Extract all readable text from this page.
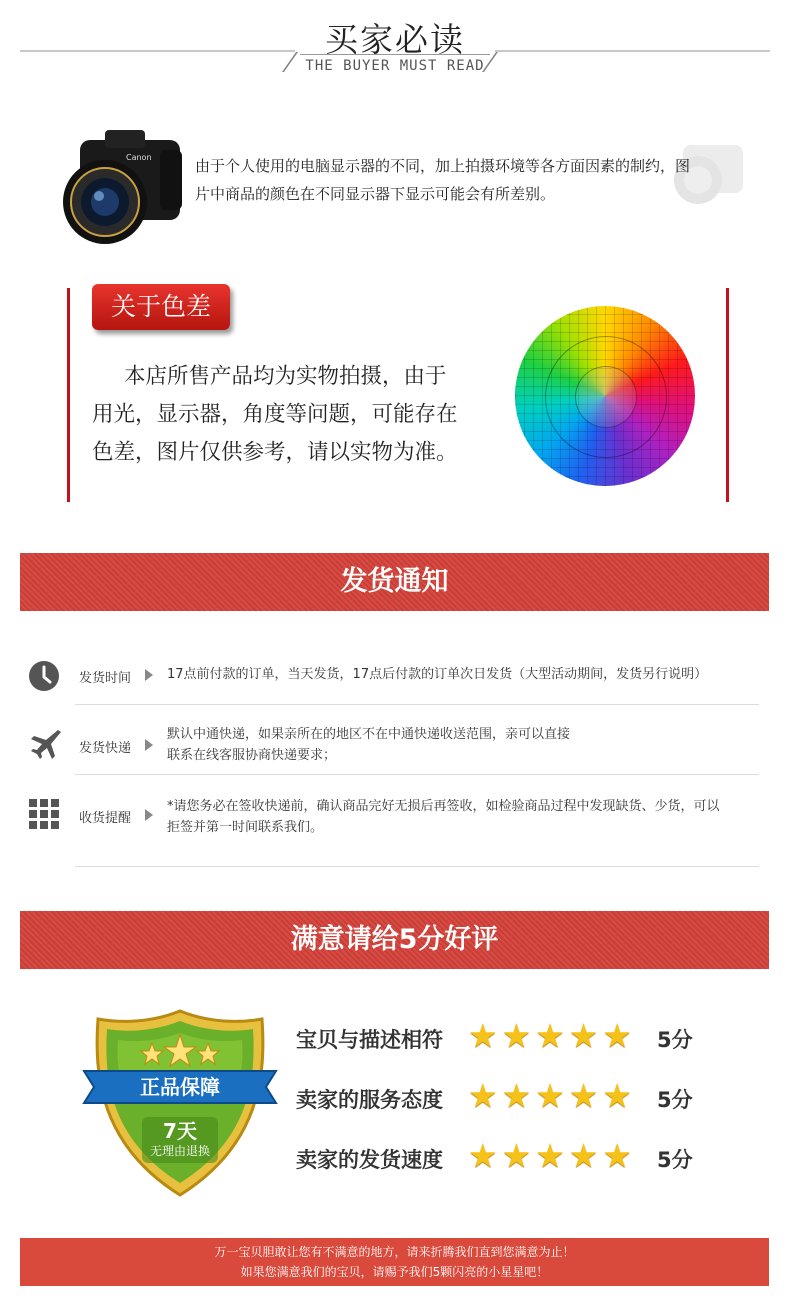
买家必读
THE BUYER MUST READ
Canon	由于个人使用的电脑显示器的不同，加上拍摄环境等各方面因素的制约，图片中商品的颜色在不同显示器下显示可能会有所差别。
关于色差
本店所售产品均为实物拍摄，由于
用光，显示器，角度等问题，可能存在
色差，图片仅供参考，请以实物为准。
发货通知
发货时间	17点前付款的订单，当天发货，17点后付款的订单次日发货（大型活动期间，发货另行说明）
发货快递
默认中通快递，如果亲所在的地区不在中通快递收送范围，亲可以直接
联系在线客服协商快递要求；
收货提醒
*请您务必在签收快递前，确认商品完好无损后再签收，如检验商品过程中发现缺货、少货，可以
拒签并第一时间联系我们。
满意请给5分好评
正品保障
7天
无理由退换
宝贝与描述相符 ★ ★ ★ ★ ★ 5分
卖家的服务态度 ★ ★ ★ ★ ★ 5分
卖家的发货速度 ★ ★ ★ ★ ★ 5分
万一宝贝胆敢让您有不满意的地方，请来折腾我们直到您满意为止！
如果您满意我们的宝贝，请赐予我们5颗闪亮的小星星吧！
